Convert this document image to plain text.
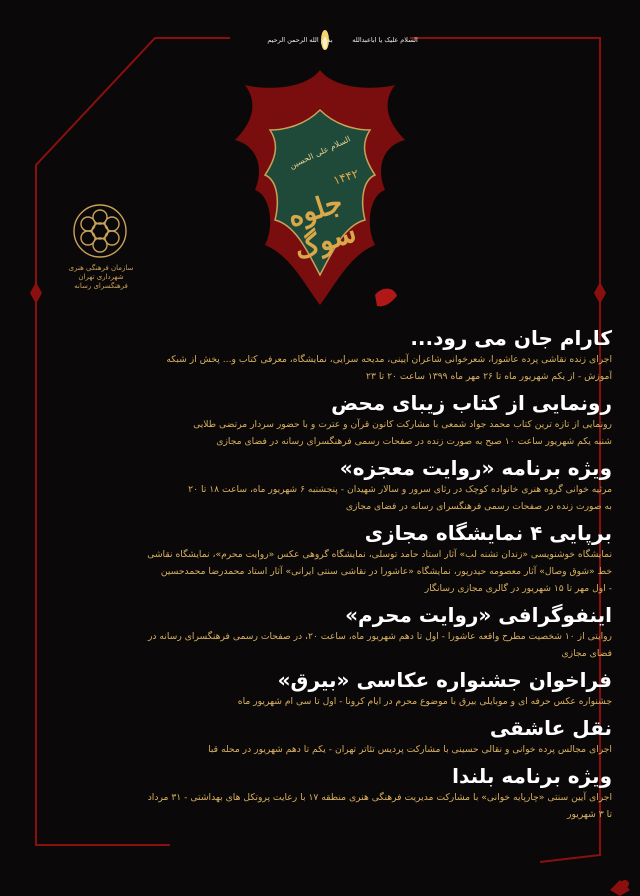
بسم الله الرحمن الرحیم	السلام علیک یا اباعبدالله
السلام علی الحسین
جلوه سوگ
۱۴۴۲
سازمان فرهنگی هنری شهرداری تهران
فرهنگسرای رسانه
کارام جان می رود...
اجرای زنده نقاشی پرده عاشورا، شعرخوانی شاعران آیینی، مدیحه سرایی، نمایشگاه، معرفی کتاب و... پخش از شبکه
آموزش - از یکم شهریور ماه تا ۲۶ مهر ماه ۱۳۹۹ ساعت ۲۰ تا ۲۳
رونمایی از کتاب زیبای محض
رونمایی از تازه ترین کتاب محمد جواد شمعی با مشارکت کانون قرآن و عترت و با حضور سردار مرتضی طلایی
شنبه یکم شهریور ساعت ۱۰ صبح به صورت زنده در صفحات رسمی فرهنگسرای رسانه در فضای مجازی
ویژه برنامه «روایت معجزه»
مرثیه خوانی گروه هنری خانواده کوچک در رثای سرور و سالار شهیدان - پنجشنبه ۶ شهریور ماه، ساعت ۱۸ تا ۲۰
به صورت زنده در صفحات رسمی فرهنگسرای رسانه در فضای مجازی
برپایی ۴ نمایشگاه مجازی
نمایشگاه خوشنویسی «زندان تشنه لب» آثار استاد حامد توسلی، نمایشگاه گروهی عکس «روایت محرم»، نمایشگاه نقاشی
خط «شوق وصال» آثار معصومه حیدرپور، نمایشگاه «عاشورا در نقاشی سنتی ایرانی» آثار استاد محمدرضا محمدحسین
- اول مهر تا ۱۵ شهریور در گالری مجازی رسانگار
اینفوگرافی «روایت محرم»
روایتی از ۱۰ شخصیت مطرح واقعه عاشورا - اول تا دهم شهریور ماه، ساعت ۲۰، در صفحات رسمی فرهنگسرای رسانه در
فضای مجازی
فراخوان جشنواره عکاسی «بیرق»
جشنواره عکس حرفه ای و موبایلی بیرق با موضوع محرم در ایام کرونا - اول تا سی ام شهریور ماه
نقل عاشقی
اجرای مجالس پرده خوانی و نقالی حسینی با مشارکت پردیس تئاتر تهران - یکم تا دهم شهریور در محله قبا
ویژه برنامه بلندا
اجرای آیین سنتی «چارپایه خوانی» با مشارکت مدیریت فرهنگی هنری منطقه ۱۷ با رعایت پروتکل های بهداشتی - ۳۱ مرداد
تا ۳ شهریور
